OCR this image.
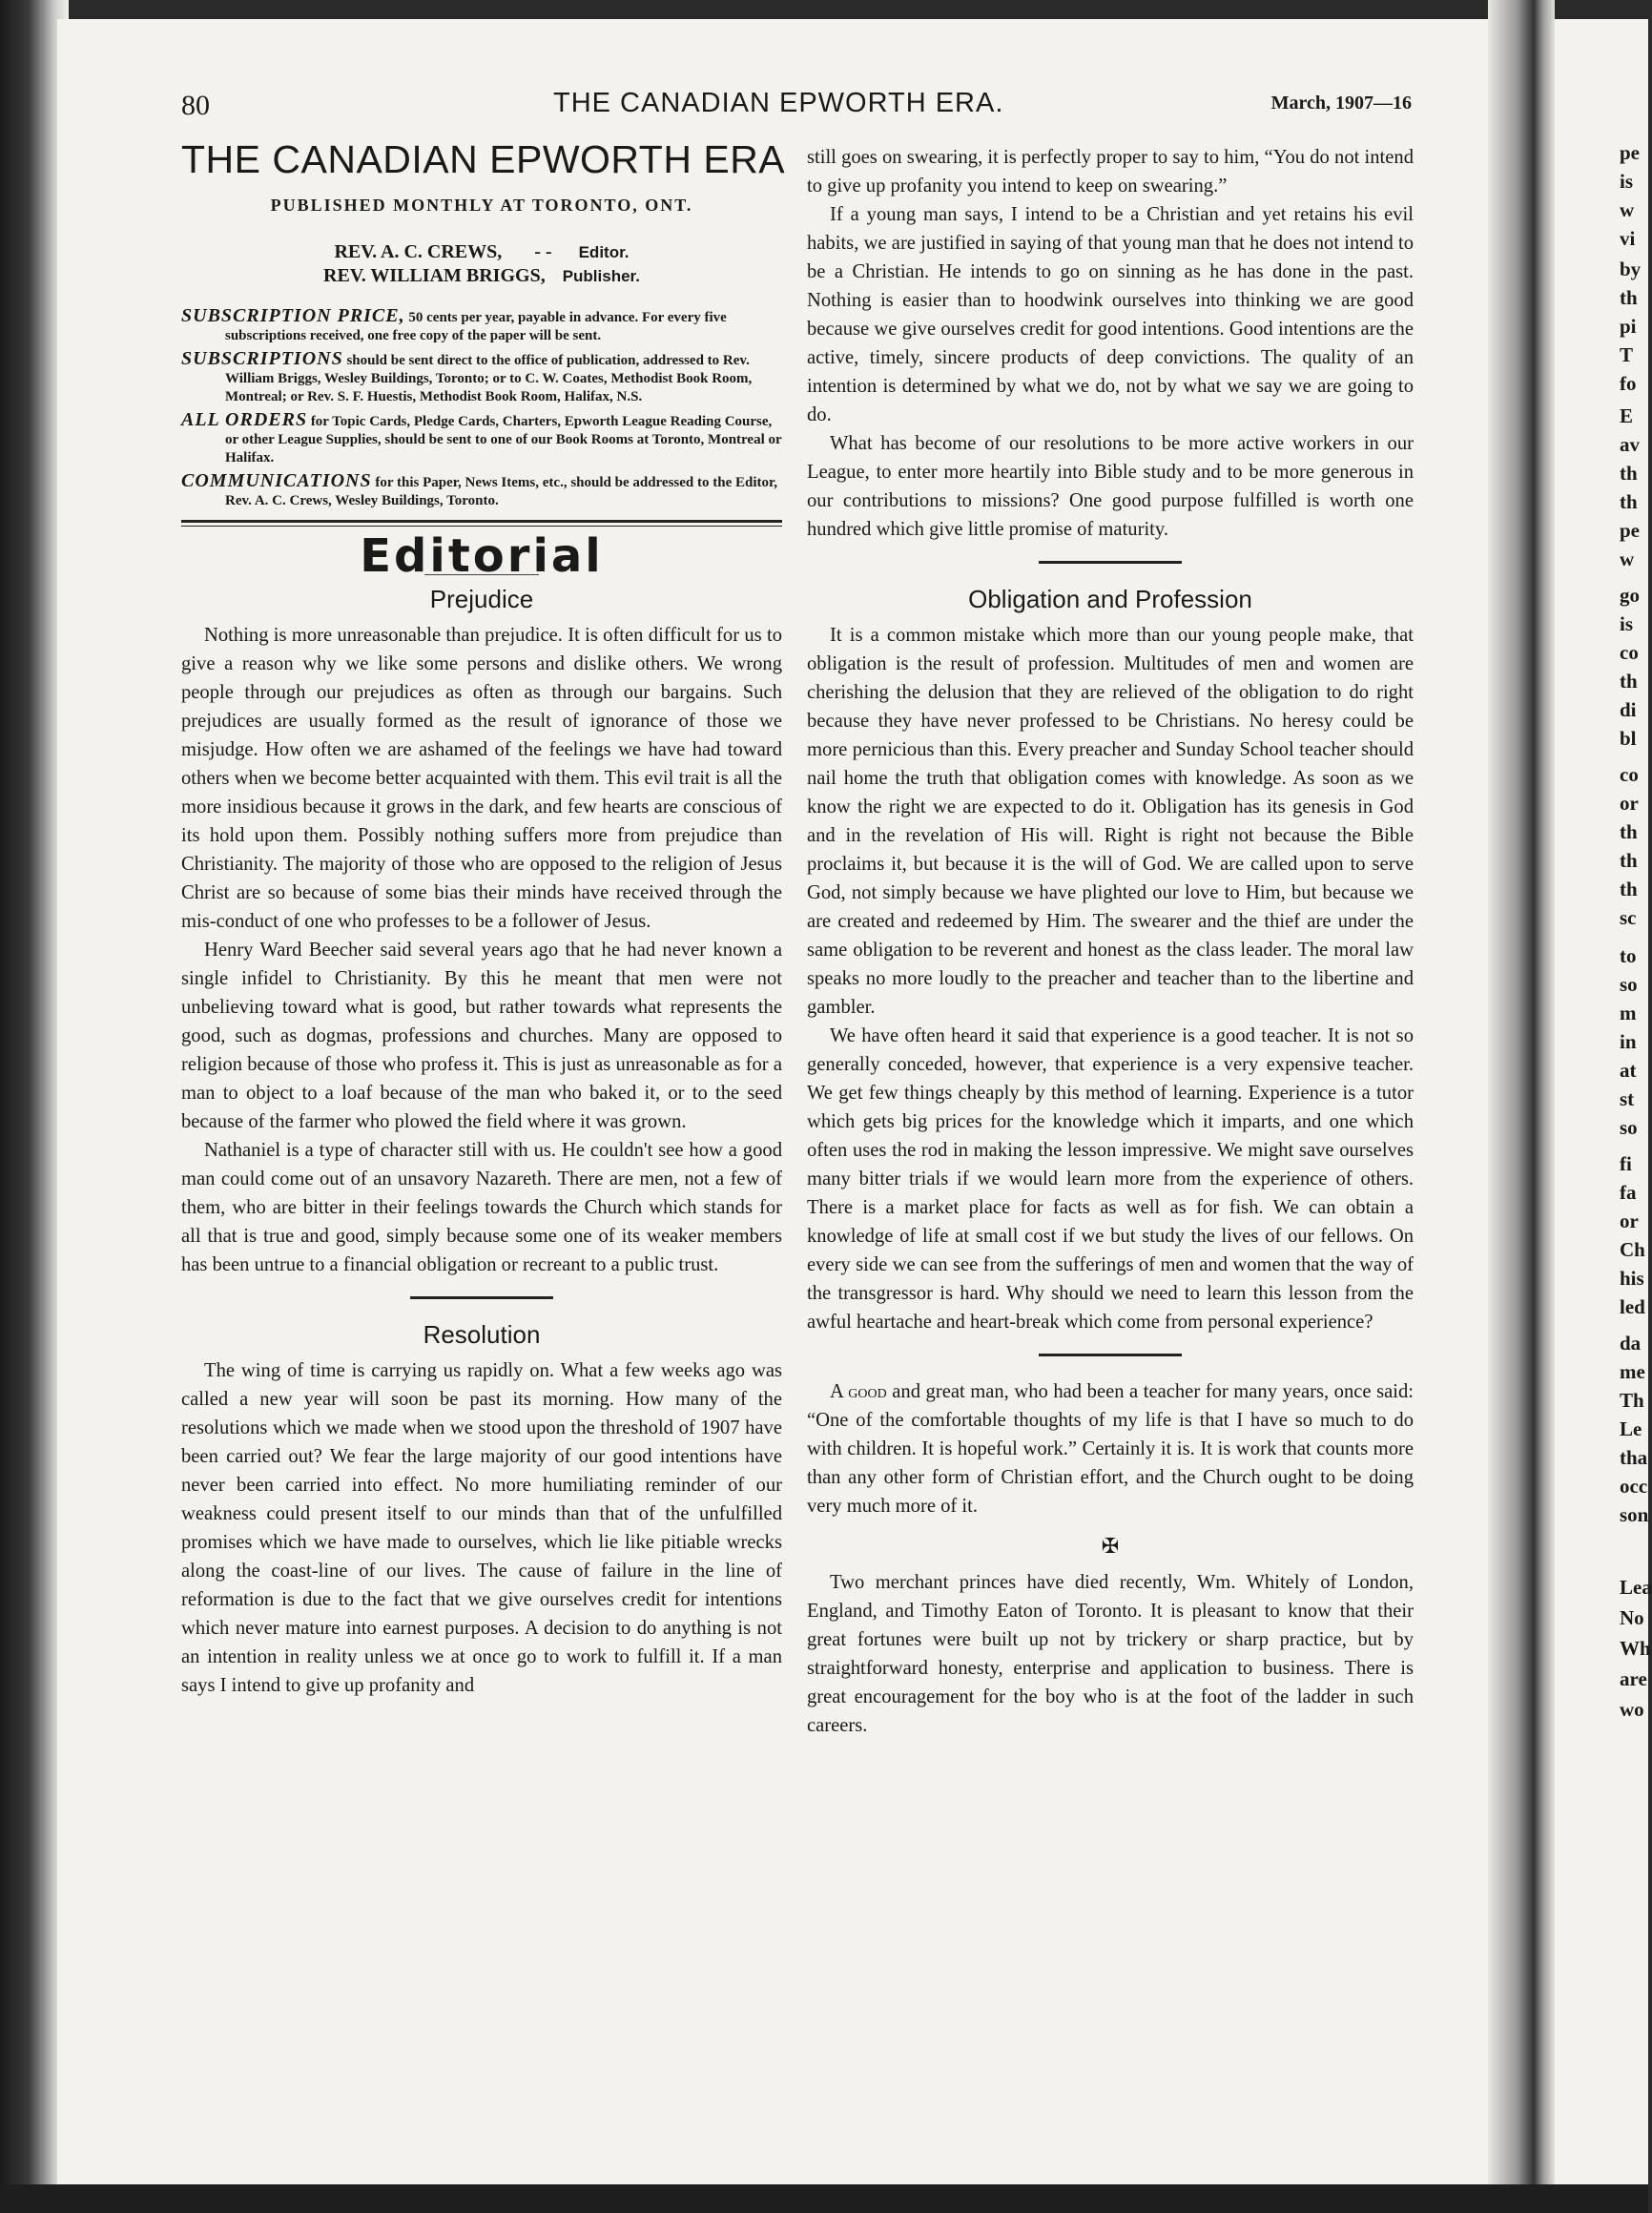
pe
is
w
vi
by
th
pi
T
fo
E
av
th
th
pe
w
go
is
co
th
di
bl
co
or
th
th
th
sc
to
so
m
in
at
st
so
fi
fa
or
Ch
his
led
da
me
Th
Le
tha
occ
son
Lea
No
Wh
are
wo
80	THE CANADIAN EPWORTH ERA.	March, 1907—16
THE CANADIAN EPWORTH ERA
PUBLISHED MONTHLY AT TORONTO, ONT.
REV. A. C. CREWS, - - Editor.
REV. WILLIAM BRIGGS, Publisher.
SUBSCRIPTION PRICE, 50 cents per year, payable in advance. For every five subscriptions received, one free copy of the paper will be sent.
SUBSCRIPTIONS should be sent direct to the office of publication, addressed to Rev. William Briggs, Wesley Buildings, Toronto; or to C. W. Coates, Methodist Book Room, Montreal; or Rev. S. F. Huestis, Methodist Book Room, Halifax, N.S.
ALL ORDERS for Topic Cards, Pledge Cards, Charters, Epworth League Reading Course, or other League Supplies, should be sent to one of our Book Rooms at Toronto, Montreal or Halifax.
COMMUNICATIONS for this Paper, News Items, etc., should be addressed to the Editor, Rev. A. C. Crews, Wesley Buildings, Toronto.
Editorial
Prejudice

Nothing is more unreasonable than prejudice. It is often difficult for us to give a reason why we like some persons and dislike others. We wrong people through our prejudices as often as through our bargains. Such prejudices are usually formed as the result of ignorance of those we misjudge. How often we are ashamed of the feelings we have had toward others when we become better acquainted with them. This evil trait is all the more insidious because it grows in the dark, and few hearts are conscious of its hold upon them. Possibly nothing suffers more from prejudice than Christianity. The majority of those who are opposed to the religion of Jesus Christ are so because of some bias their minds have received through the mis-conduct of one who professes to be a follower of Jesus.

Henry Ward Beecher said several years ago that he had never known a single infidel to Christianity. By this he meant that men were not unbelieving toward what is good, but rather towards what represents the good, such as dogmas, professions and churches. Many are opposed to religion because of those who profess it. This is just as unreasonable as for a man to object to a loaf because of the man who baked it, or to the seed because of the farmer who plowed the field where it was grown.

Nathaniel is a type of character still with us. He couldn't see how a good man could come out of an unsavory Nazareth. There are men, not a few of them, who are bitter in their feelings towards the Church which stands for all that is true and good, simply because some one of its weaker members has been untrue to a financial obligation or recreant to a public trust.

Resolution

The wing of time is carrying us rapidly on. What a few weeks ago was called a new year will soon be past its morning. How many of the resolutions which we made when we stood upon the threshold of 1907 have been carried out? We fear the large majority of our good intentions have never been carried into effect. No more humiliating reminder of our weakness could present itself to our minds than that of the unfulfilled promises which we have made to ourselves, which lie like pitiable wrecks along the coast-line of our lives. The cause of failure in the line of reformation is due to the fact that we give ourselves credit for intentions which never mature into earnest purposes. A decision to do anything is not an intention in reality unless we at once go to work to fulfill it. If a man says I intend to give up profanity and

still goes on swearing, it is perfectly proper to say to him, “You do not intend to give up profanity you intend to keep on swearing.”

If a young man says, I intend to be a Christian and yet retains his evil habits, we are justified in saying of that young man that he does not intend to be a Christian. He intends to go on sinning as he has done in the past. Nothing is easier than to hoodwink ourselves into thinking we are good because we give ourselves credit for good intentions. Good intentions are the active, timely, sincere products of deep convictions. The quality of an intention is determined by what we do, not by what we say we are going to do.

What has become of our resolutions to be more active workers in our League, to enter more heartily into Bible study and to be more generous in our contributions to missions? One good purpose fulfilled is worth one hundred which give little promise of maturity.

Obligation and Profession

It is a common mistake which more than our young people make, that obligation is the result of profession. Multitudes of men and women are cherishing the delusion that they are relieved of the obligation to do right because they have never professed to be Christians. No heresy could be more pernicious than this. Every preacher and Sunday School teacher should nail home the truth that obligation comes with knowledge. As soon as we know the right we are expected to do it. Obligation has its genesis in God and in the revelation of His will. Right is right not because the Bible proclaims it, but because it is the will of God. We are called upon to serve God, not simply because we have plighted our love to Him, but because we are created and redeemed by Him. The swearer and the thief are under the same obligation to be reverent and honest as the class leader. The moral law speaks no more loudly to the preacher and teacher than to the libertine and gambler.

We have often heard it said that experience is a good teacher. It is not so generally conceded, however, that experience is a very expensive teacher. We get few things cheaply by this method of learning. Experience is a tutor which gets big prices for the knowledge which it imparts, and one which often uses the rod in making the lesson impressive. We might save ourselves many bitter trials if we would learn more from the experience of others. There is a market place for facts as well as for fish. We can obtain a knowledge of life at small cost if we but study the lives of our fellows. On every side we can see from the sufferings of men and women that the way of the transgressor is hard. Why should we need to learn this lesson from the awful heartache and heart-break which come from personal experience?

A good and great man, who had been a teacher for many years, once said: “One of the comfortable thoughts of my life is that I have so much to do with children. It is hopeful work.” Certainly it is. It is work that counts more than any other form of Christian effort, and the Church ought to be doing very much more of it.

✠

Two merchant princes have died recently, Wm. Whitely of London, England, and Timothy Eaton of Toronto. It is pleasant to know that their great fortunes were built up not by trickery or sharp practice, but by straightforward honesty, enterprise and application to business. There is great encouragement for the boy who is at the foot of the ladder in such careers.
